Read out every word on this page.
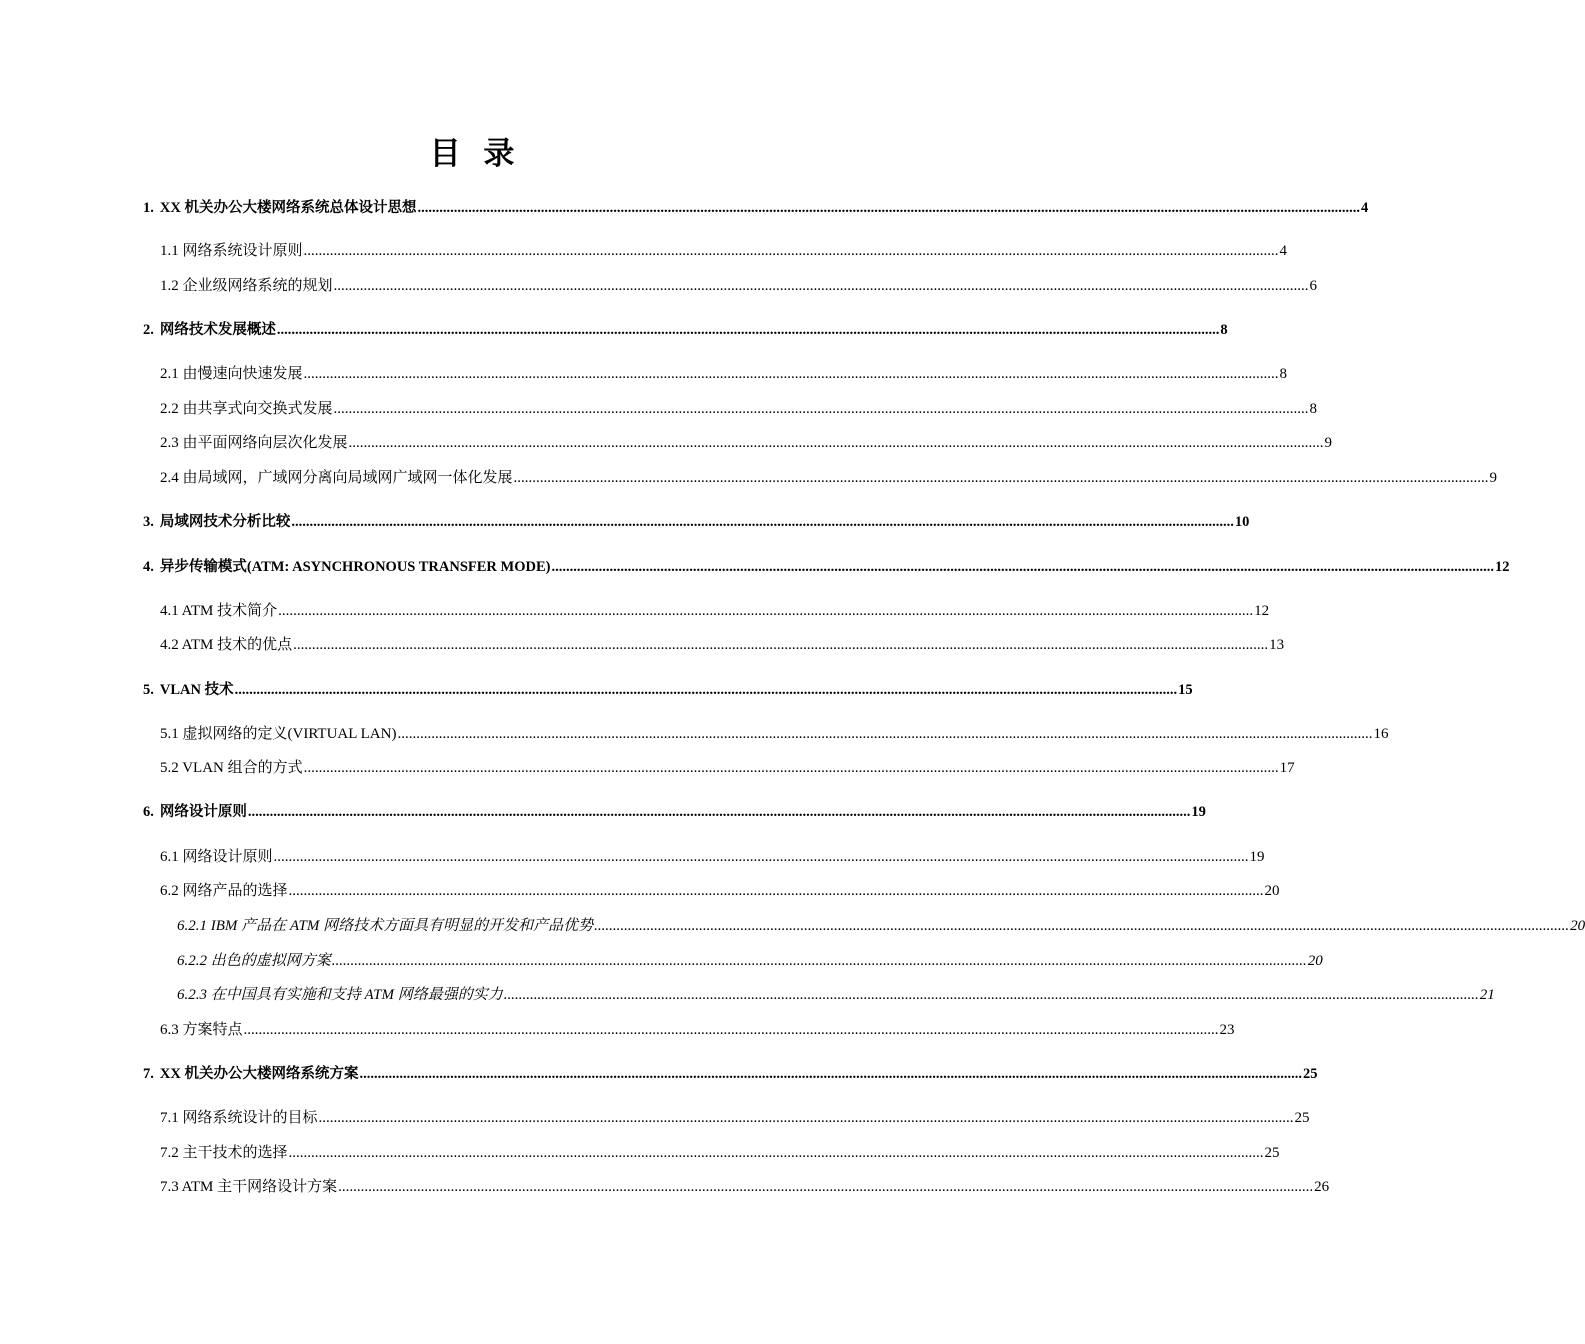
目 录
1. XX 机关办公大楼网络系统总体设计思想 .................................................................................................................................................................................................................................................................... 4
1.1 网络系统设计原则 .................................................................................................................................................................................................................................................................... 4
1.2 企业级网络系统的规划 .................................................................................................................................................................................................................................................................... 6
2. 网络技术发展概述 .................................................................................................................................................................................................................................................................... 8
2.1 由慢速向快速发展 .................................................................................................................................................................................................................................................................... 8
2.2 由共享式向交换式发展 .................................................................................................................................................................................................................................................................... 8
2.3 由平面网络向层次化发展 .................................................................................................................................................................................................................................................................... 9
2.4 由局域网，广域网分离向局域网广域网一体化发展 .................................................................................................................................................................................................................................................................... 9
3. 局域网技术分析比较 .................................................................................................................................................................................................................................................................... 10
4. 异步传输模式(ATM: ASYNCHRONOUS TRANSFER MODE) .................................................................................................................................................................................................................................................................... 12
4.1 ATM 技术简介 .................................................................................................................................................................................................................................................................... 12
4.2 ATM 技术的优点 .................................................................................................................................................................................................................................................................... 13
5. VLAN 技术 .................................................................................................................................................................................................................................................................... 15
5.1 虚拟网络的定义(VIRTUAL LAN) .................................................................................................................................................................................................................................................................... 16
5.2 VLAN 组合的方式 .................................................................................................................................................................................................................................................................... 17
6. 网络设计原则 .................................................................................................................................................................................................................................................................... 19
6.1 网络设计原则 .................................................................................................................................................................................................................................................................... 19
6.2 网络产品的选择 .................................................................................................................................................................................................................................................................... 20
6.2.1 IBM 产品在 ATM 网络技术方面具有明显的开发和产品优势 .................................................................................................................................................................................................................................................................... 20
6.2.2 出色的虚拟网方案 .................................................................................................................................................................................................................................................................... 20
6.2.3 在中国具有实施和支持 ATM 网络最强的实力 .................................................................................................................................................................................................................................................................... 21
6.3 方案特点 .................................................................................................................................................................................................................................................................... 23
7. XX 机关办公大楼网络系统方案 .................................................................................................................................................................................................................................................................... 25
7.1 网络系统设计的目标 .................................................................................................................................................................................................................................................................... 25
7.2 主干技术的选择 .................................................................................................................................................................................................................................................................... 25
7.3 ATM 主干网络设计方案 .................................................................................................................................................................................................................................................................... 26
